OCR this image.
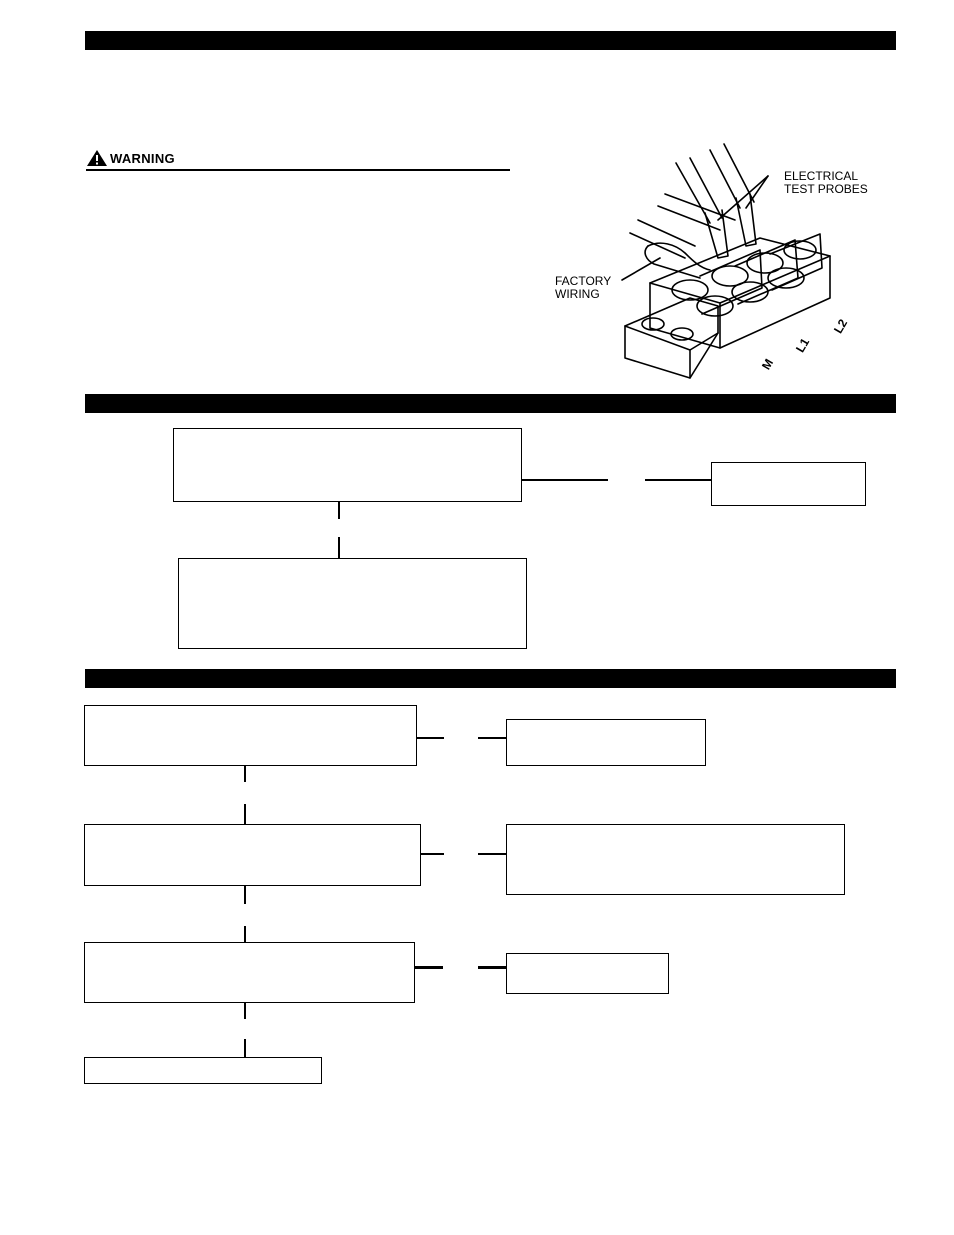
WARNING
ELECTRICAL
TEST PROBES
FACTORY
WIRING
M
L1
L2
